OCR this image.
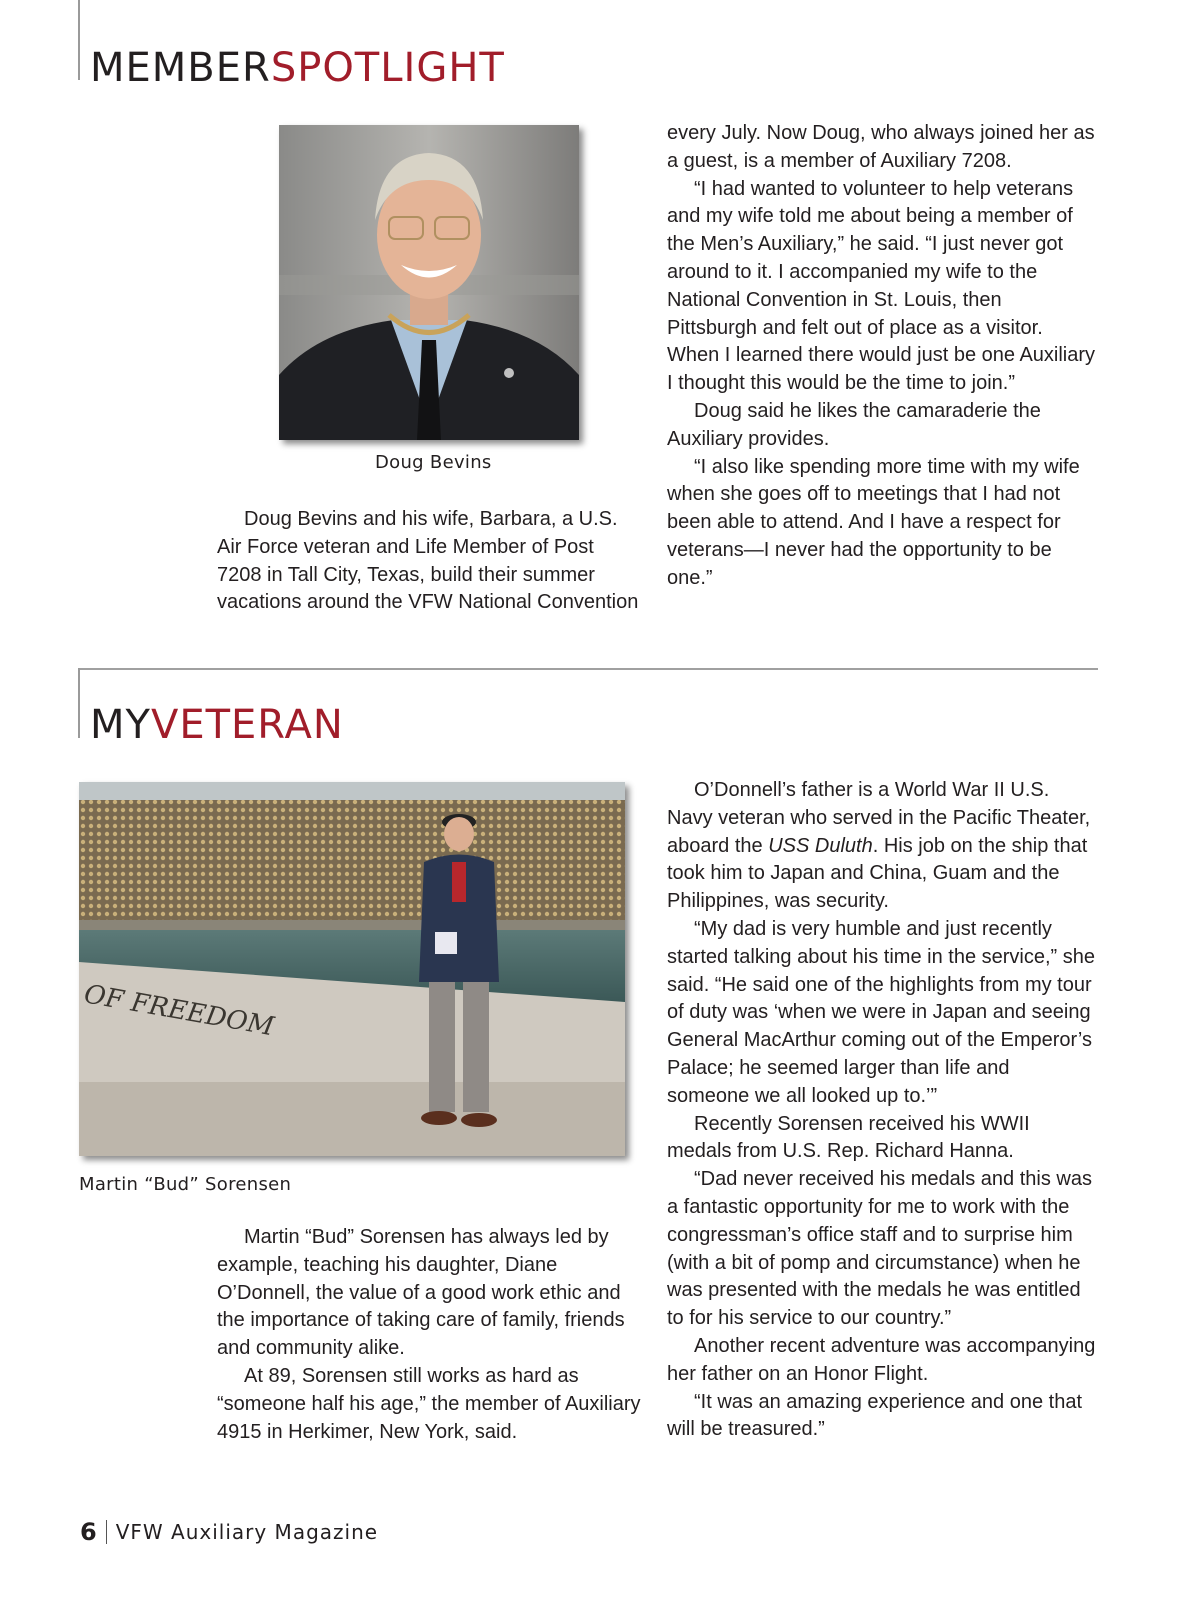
MEMBERSPOTLIGHT

Doug Bevins

Doug Bevins and his wife, Barbara, a U.S. Air Force veteran and Life Member of Post 7208 in Tall City, Texas, build their summer vacations around the VFW National Convention

every July. Now Doug, who always joined her as a guest, is a member of Auxiliary 7208.

“I had wanted to volunteer to help veterans and my wife told me about being a member of the Men’s Auxiliary,” he said. “I just never got around to it. I accompanied my wife to the National Convention in St. Louis, then Pittsburgh and felt out of place as a visitor. When I learned there would just be one Auxiliary I thought this would be the time to join.”

Doug said he likes the camaraderie the Auxiliary provides.

“I also like spending more time with my wife when she goes off to meetings that I had not been able to attend. And I have a respect for veterans—I never had the opportunity to be one.”

MYVETERAN
OF FREEDOM

Martin “Bud” Sorensen

Martin “Bud” Sorensen has always led by example, teaching his daughter, Diane O’Donnell, the value of a good work ethic and the importance of taking care of family, friends and community alike.

At 89, Sorensen still works as hard as “someone half his age,” the member of Auxiliary 4915 in Herkimer, New York, said.

O’Donnell’s father is a World War II U.S. Navy veteran who served in the Pacific Theater, aboard the USS Duluth. His job on the ship that took him to Japan and China, Guam and the Philippines, was security.

“My dad is very humble and just recently started talking about his time in the service,” she said. “He said one of the highlights from my tour of duty was ‘when we were in Japan and seeing General MacArthur coming out of the Emperor’s Palace; he seemed larger than life and someone we all looked up to.’”

Recently Sorensen received his WWII medals from U.S. Rep. Richard Hanna.

“Dad never received his medals and this was a fantastic opportunity for me to work with the congressman’s office staff and to surprise him (with a bit of pomp and circumstance) when he was presented with the medals he was entitled to for his service to our country.”

Another recent adventure was accompanying her father on an Honor Flight.

“It was an amazing experience and one that will be treasured.”

6 VFW Auxiliary Magazine
